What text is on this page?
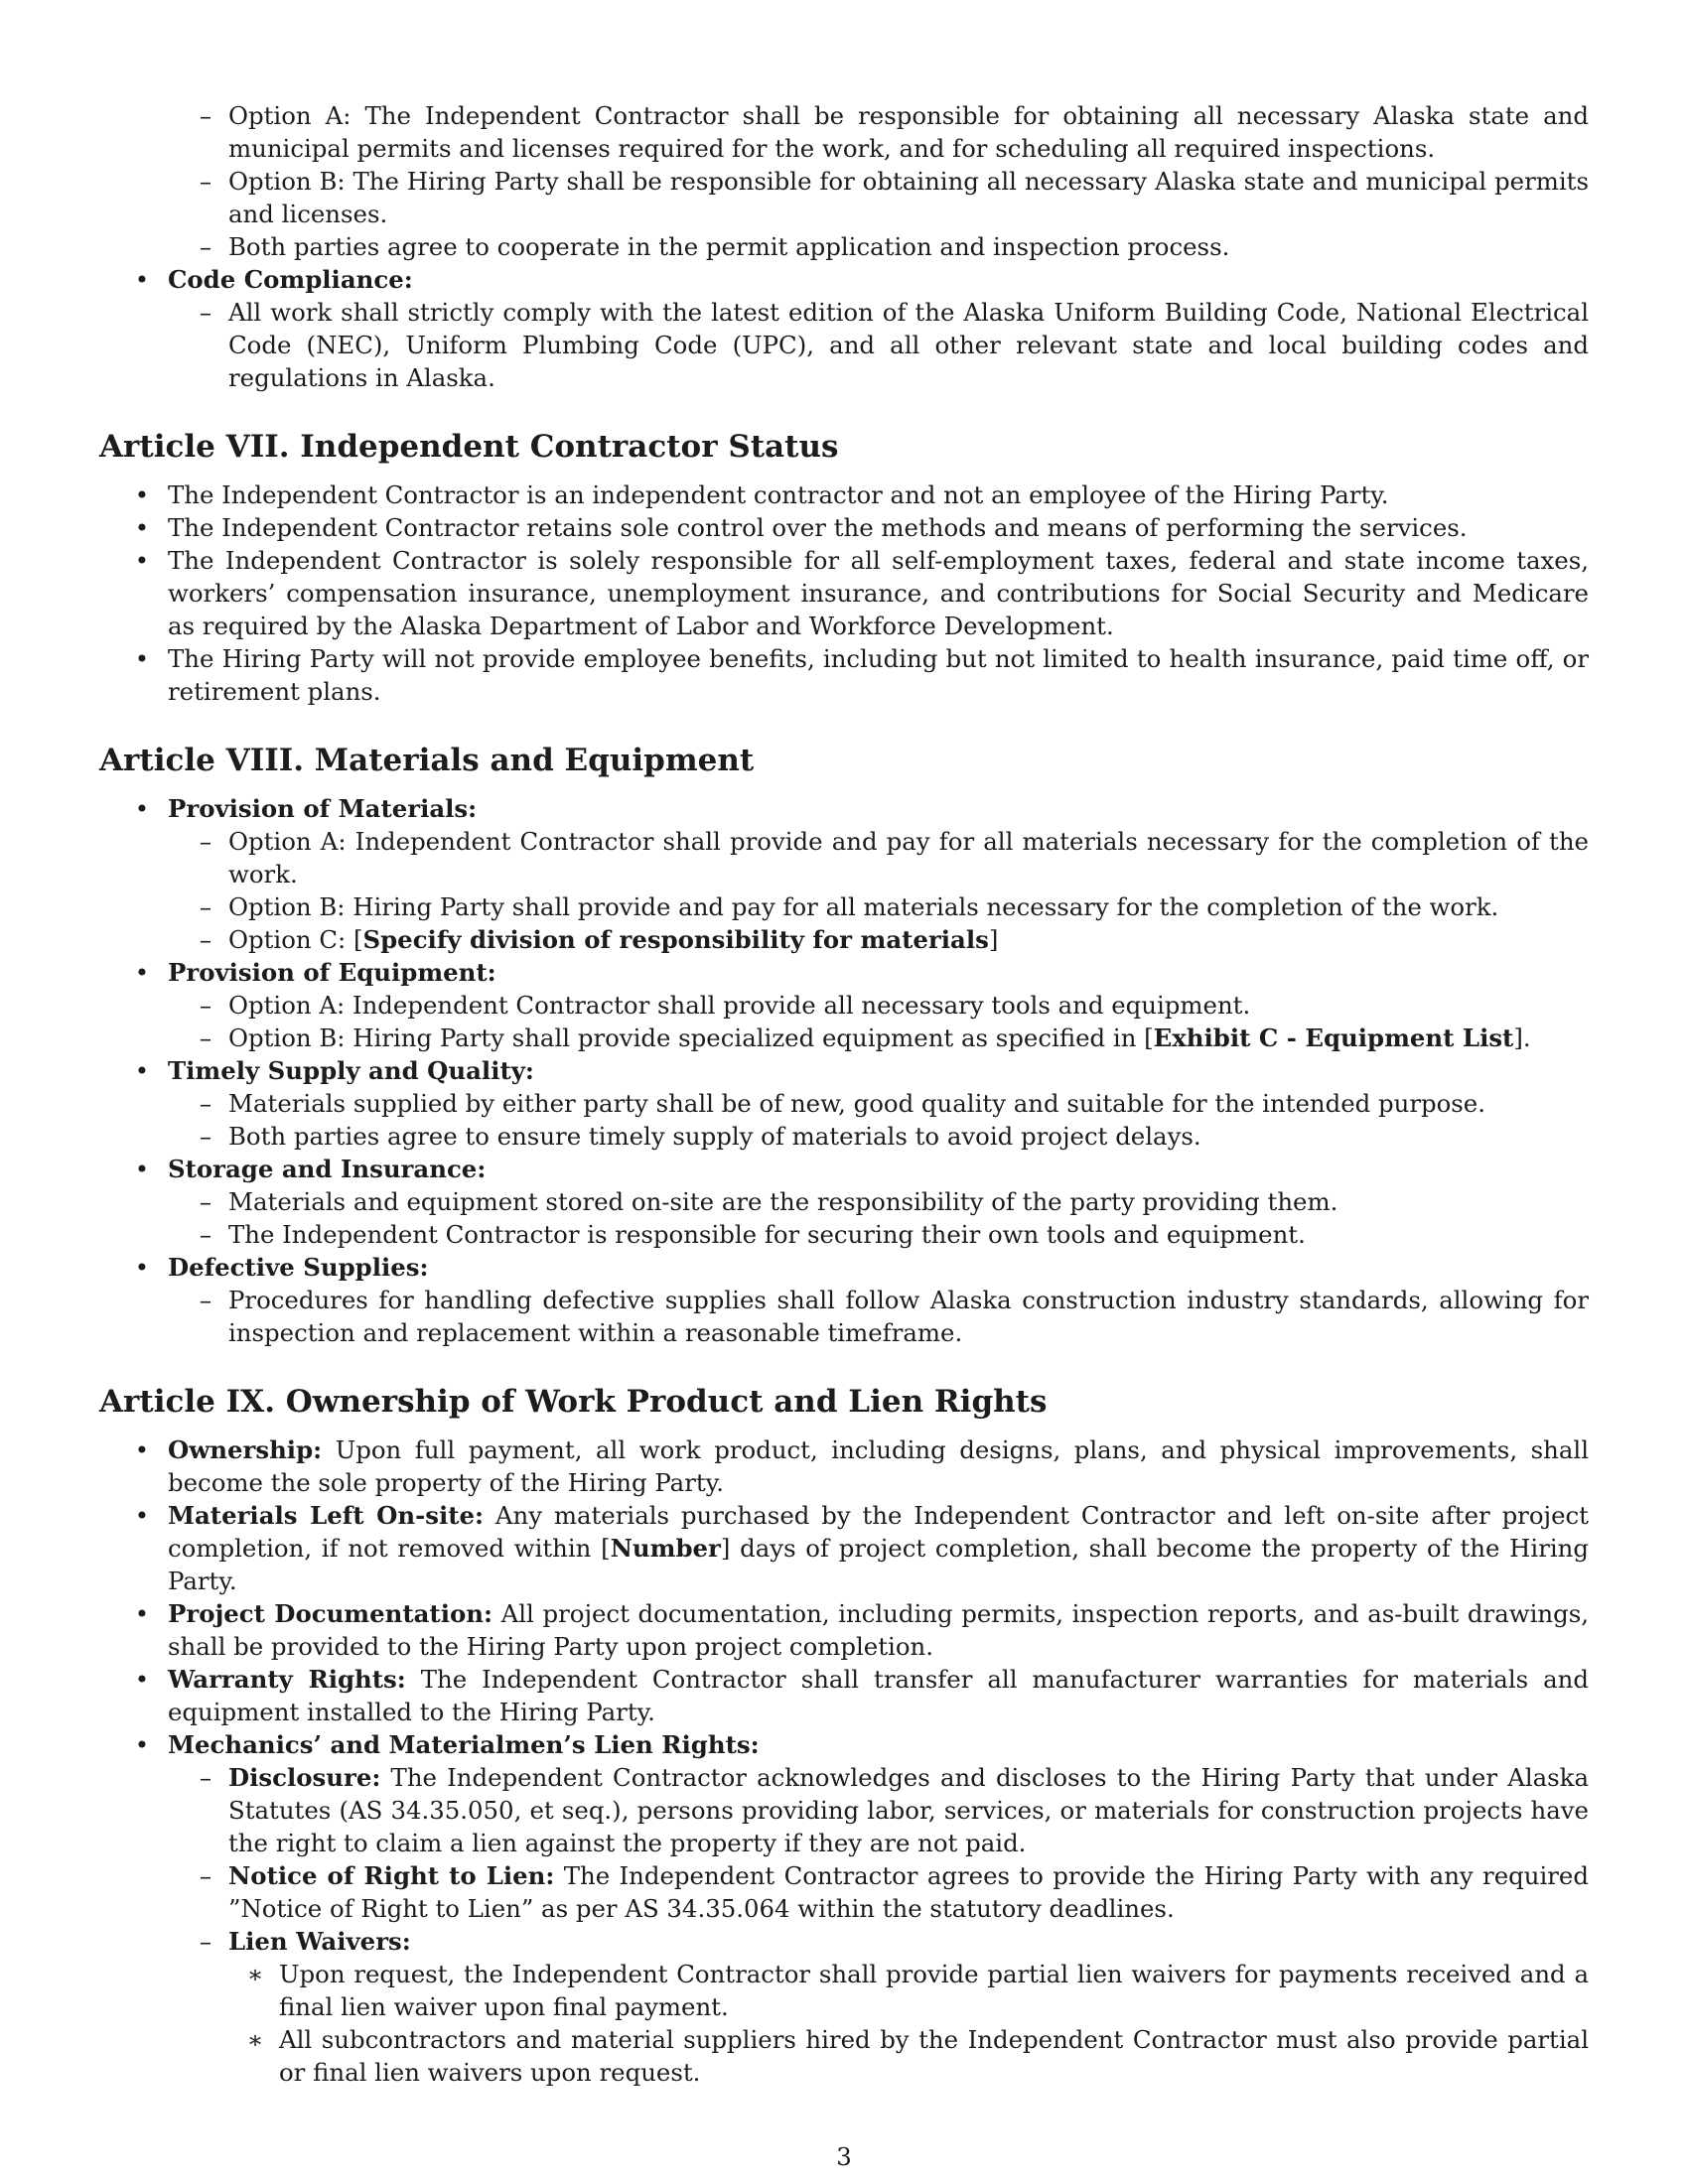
– Option A: The Independent Contractor shall be responsible for obtaining all necessary Alaska state and municipal permits and licenses required for the work, and for scheduling all required inspections.

– Option B: The Hiring Party shall be responsible for obtaining all necessary Alaska state and municipal permits and licenses.

– Both parties agree to cooperate in the permit application and inspection process.

• Code Compliance:

– All work shall strictly comply with the latest edition of the Alaska Uniform Building Code, National Electrical Code (NEC), Uniform Plumbing Code (UPC), and all other relevant state and local building codes and regulations in Alaska.

Article VII. Independent Contractor Status

• The Independent Contractor is an independent contractor and not an employee of the Hiring Party.

• The Independent Contractor retains sole control over the methods and means of performing the services.

• The Independent Contractor is solely responsible for all self-employment taxes, federal and state income taxes, workers’ compensation insurance, unemployment insurance, and contributions for Social Security and Medicare as required by the Alaska Department of Labor and Workforce Development.

• The Hiring Party will not provide employee benefits, including but not limited to health insurance, paid time off, or retirement plans.

Article VIII. Materials and Equipment

• Provision of Materials:

– Option A: Independent Contractor shall provide and pay for all materials necessary for the completion of the work.

– Option B: Hiring Party shall provide and pay for all materials necessary for the completion of the work.

– Option C: [Specify division of responsibility for materials]

• Provision of Equipment:

– Option A: Independent Contractor shall provide all necessary tools and equipment.

– Option B: Hiring Party shall provide specialized equipment as specified in [Exhibit C - Equipment List].

• Timely Supply and Quality:

– Materials supplied by either party shall be of new, good quality and suitable for the intended purpose.

– Both parties agree to ensure timely supply of materials to avoid project delays.

• Storage and Insurance:

– Materials and equipment stored on-site are the responsibility of the party providing them.

– The Independent Contractor is responsible for securing their own tools and equipment.

• Defective Supplies:

– Procedures for handling defective supplies shall follow Alaska construction industry standards, allowing for inspection and replacement within a reasonable timeframe.

Article IX. Ownership of Work Product and Lien Rights

• Ownership: Upon full payment, all work product, including designs, plans, and physical improvements, shall become the sole property of the Hiring Party.

• Materials Left On-site: Any materials purchased by the Independent Contractor and left on-site after project completion, if not removed within [Number] days of project completion, shall become the property of the Hiring Party.

• Project Documentation: All project documentation, including permits, inspection reports, and as-built drawings, shall be provided to the Hiring Party upon project completion.

• Warranty Rights: The Independent Contractor shall transfer all manufacturer warranties for materials and equipment installed to the Hiring Party.

• Mechanics’ and Materialmen’s Lien Rights:

– Disclosure: The Independent Contractor acknowledges and discloses to the Hiring Party that under Alaska Statutes (AS 34.35.050, et seq.), persons providing labor, services, or materials for construction projects have the right to claim a lien against the property if they are not paid.

– Notice of Right to Lien: The Independent Contractor agrees to provide the Hiring Party with any required ”Notice of Right to Lien” as per AS 34.35.064 within the statutory deadlines.

– Lien Waivers:

∗ Upon request, the Independent Contractor shall provide partial lien waivers for payments received and a final lien waiver upon final payment.

∗ All subcontractors and material suppliers hired by the Independent Contractor must also provide partial or final lien waivers upon request.

3
